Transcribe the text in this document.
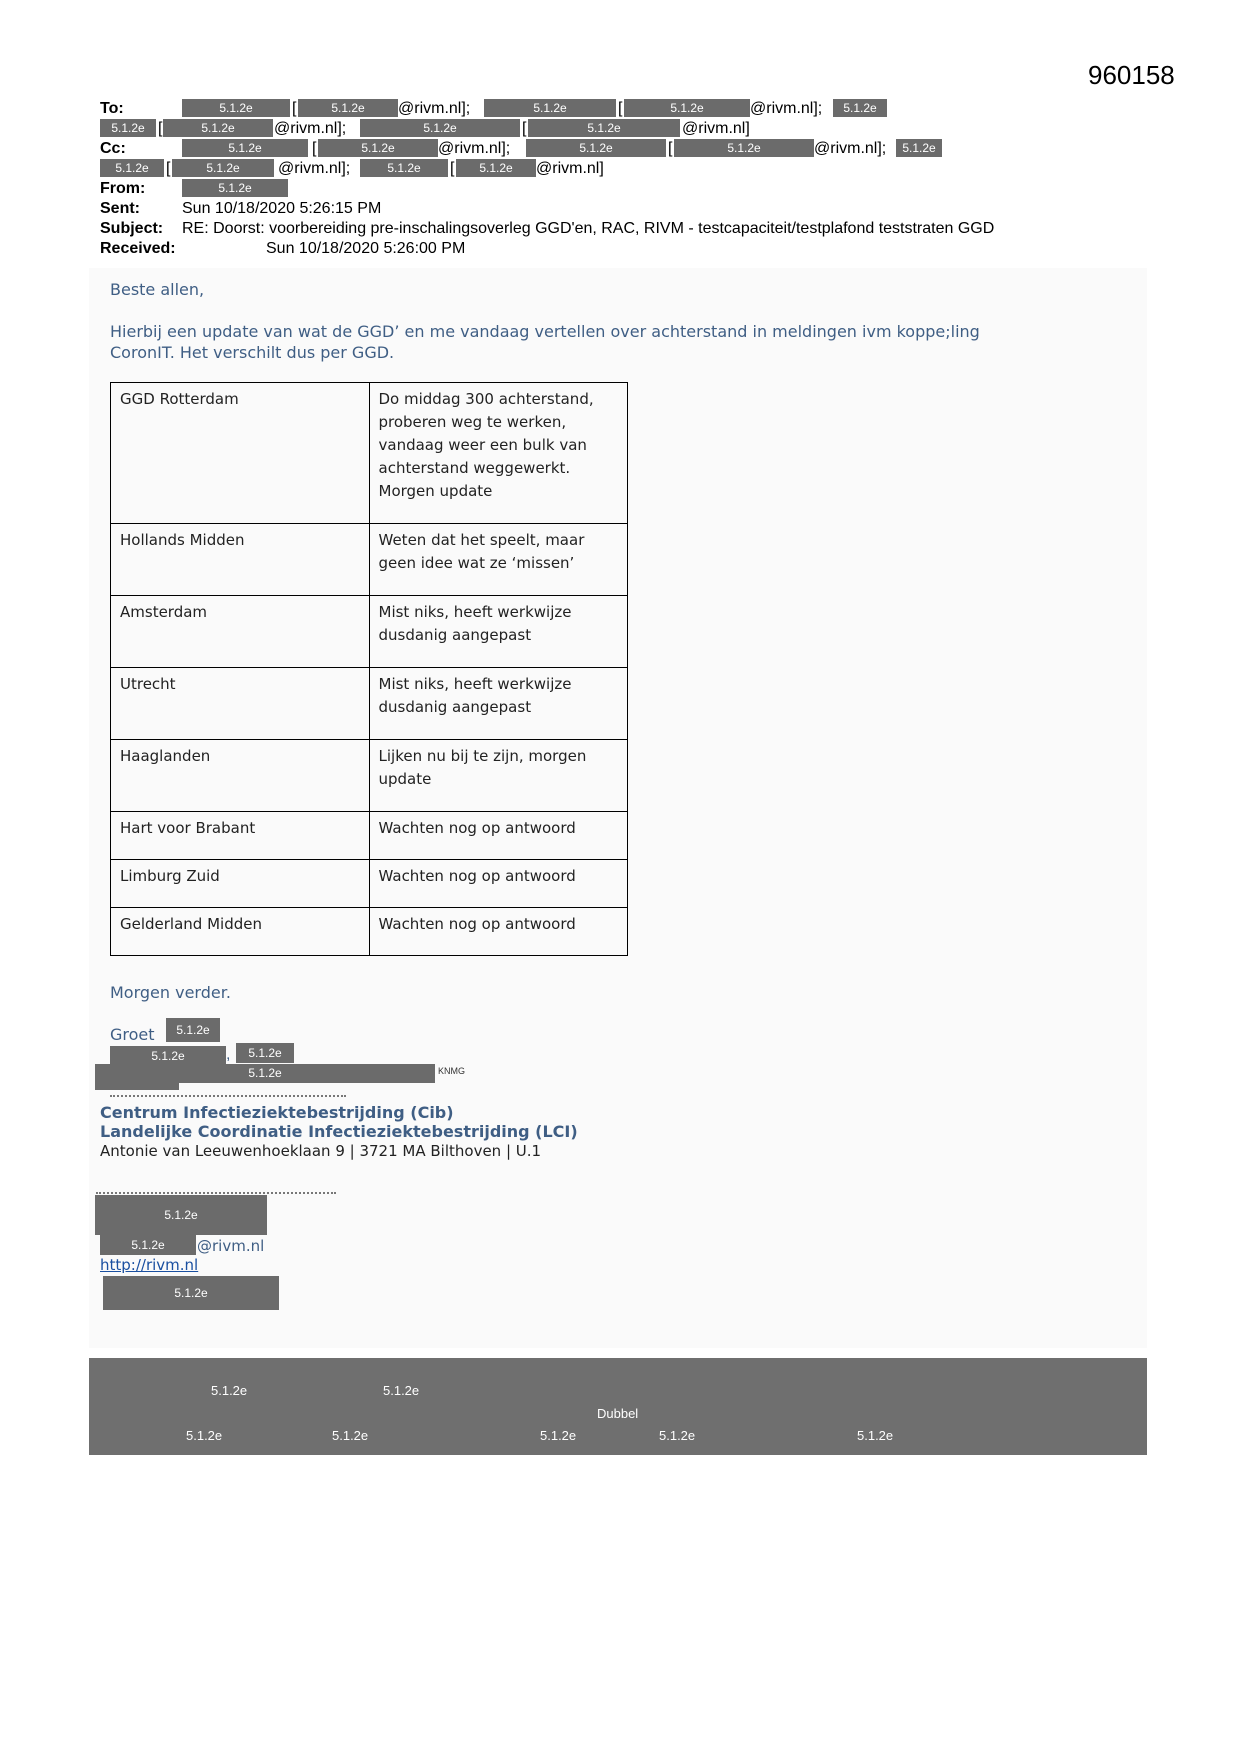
960158
To:	5.1.2e	[	5.1.2e	@rivm.nl];	5.1.2e	[	5.1.2e	@rivm.nl];	5.1.2e
5.1.2e [	5.1.2e	@rivm.nl];	5.1.2e	[	5.1.2e	@rivm.nl]
Cc:	5.1.2e	[	5.1.2e	@rivm.nl];	5.1.2e	[	5.1.2e	@rivm.nl];	5.1.2e
5.1.2e	[	5.1.2e	@rivm.nl];	5.1.2e	[	5.1.2e	@rivm.nl]
From:	5.1.2e
Sent:	Sun 10/18/2020 5:26:15 PM
Subject: RE: Doorst: voorbereiding pre-inschalingsoverleg GGD'en, RAC, RIVM - testcapaciteit/testplafond teststraten GGD
Received:	Sun 10/18/2020 5:26:00 PM
Beste allen,
Hierbij een update van wat de GGD’ en me vandaag vertellen over achterstand in meldingen ivm koppe;ling
CoronIT. Het verschilt dus per GGD.
GGD Rotterdam	Do middag 300 achterstand, proberen weg te werken, vandaag weer een bulk van achterstand weggewerkt. Morgen update
Hollands Midden	Weten dat het speelt, maar geen idee wat ze ‘missen’
Amsterdam	Mist niks, heeft werkwijze dusdanig aangepast
Utrecht	Mist niks, heeft werkwijze dusdanig aangepast
Haaglanden	Lijken nu bij te zijn, morgen update
Hart voor Brabant	Wachten nog op antwoord
Limburg Zuid	Wachten nog op antwoord
Gelderland Midden	Wachten nog op antwoord
Morgen verder.
Groet	5.1.2e
5.1.2e	,	5.1.2e
5.1.2e	KNMG
Centrum Infectieziektebestrijding (Cib)
Landelijke Coordinatie Infectieziektebestrijding (LCI)
Antonie van Leeuwenhoeklaan 9 | 3721 MA Bilthoven | U.1
5.1.2e
5.1.2e	@rivm.nl
http://rivm.nl
5.1.2e
5.1.2e	5.1.2e
Dubbel
5.1.2e	5.1.2e	5.1.2e	5.1.2e	5.1.2e
